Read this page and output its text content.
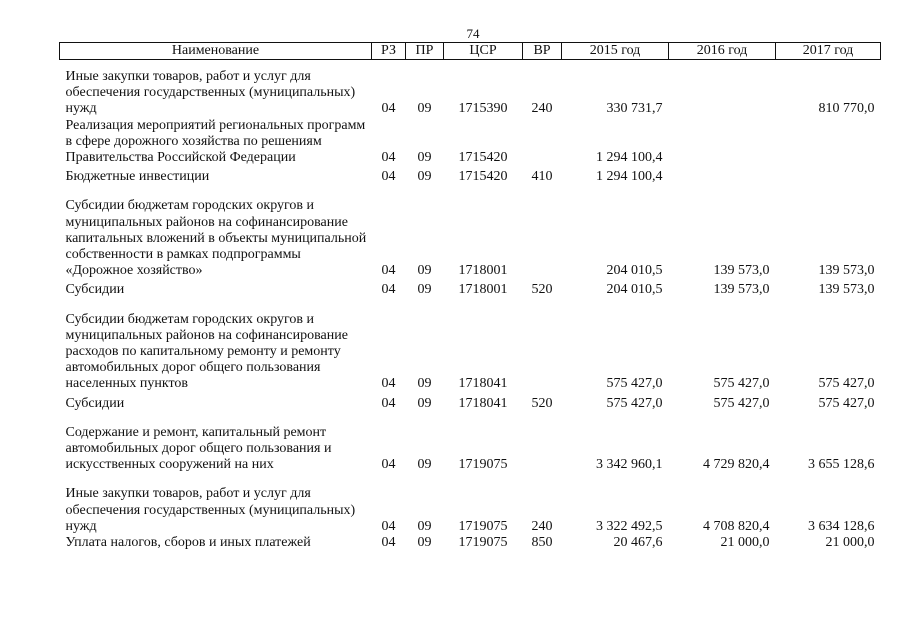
74
Наименование	РЗ	ПР	ЦСР	ВР	2015 год	2016 год	2017 год
Иные закупки товаров, работ и услуг для обеспечения государственных (муниципальных) нужд	04	09	1715390	240	330 731,7		810 770,0
Реализация мероприятий региональных программ в сфере дорожного хозяйства по решениям Правительства Российской Федерации	04	09	1715420		1 294 100,4		
Бюджетные инвестиции	04	09	1715420	410	1 294 100,4		
Субсидии бюджетам городских округов и муниципальных районов на софинансирование капитальных вложений в объекты муниципальной собственности в рамках подпрограммы «Дорожное хозяйство»	04	09	1718001		204 010,5	139 573,0	139 573,0
Субсидии	04	09	1718001	520	204 010,5	139 573,0	139 573,0
Субсидии бюджетам городских округов и муниципальных районов на софинансирование расходов по капитальному ремонту и ремонту автомобильных дорог общего пользования населенных пунктов	04	09	1718041		575 427,0	575 427,0	575 427,0
Субсидии	04	09	1718041	520	575 427,0	575 427,0	575 427,0
Содержание и ремонт, капитальный ремонт автомобильных дорог общего пользования и искусственных сооружений на них	04	09	1719075		3 342 960,1	4 729 820,4	3 655 128,6
Иные закупки товаров, работ и услуг для обеспечения государственных (муниципальных) нужд	04	09	1719075	240	3 322 492,5	4 708 820,4	3 634 128,6
Уплата налогов, сборов и иных платежей	04	09	1719075	850	20 467,6	21 000,0	21 000,0
